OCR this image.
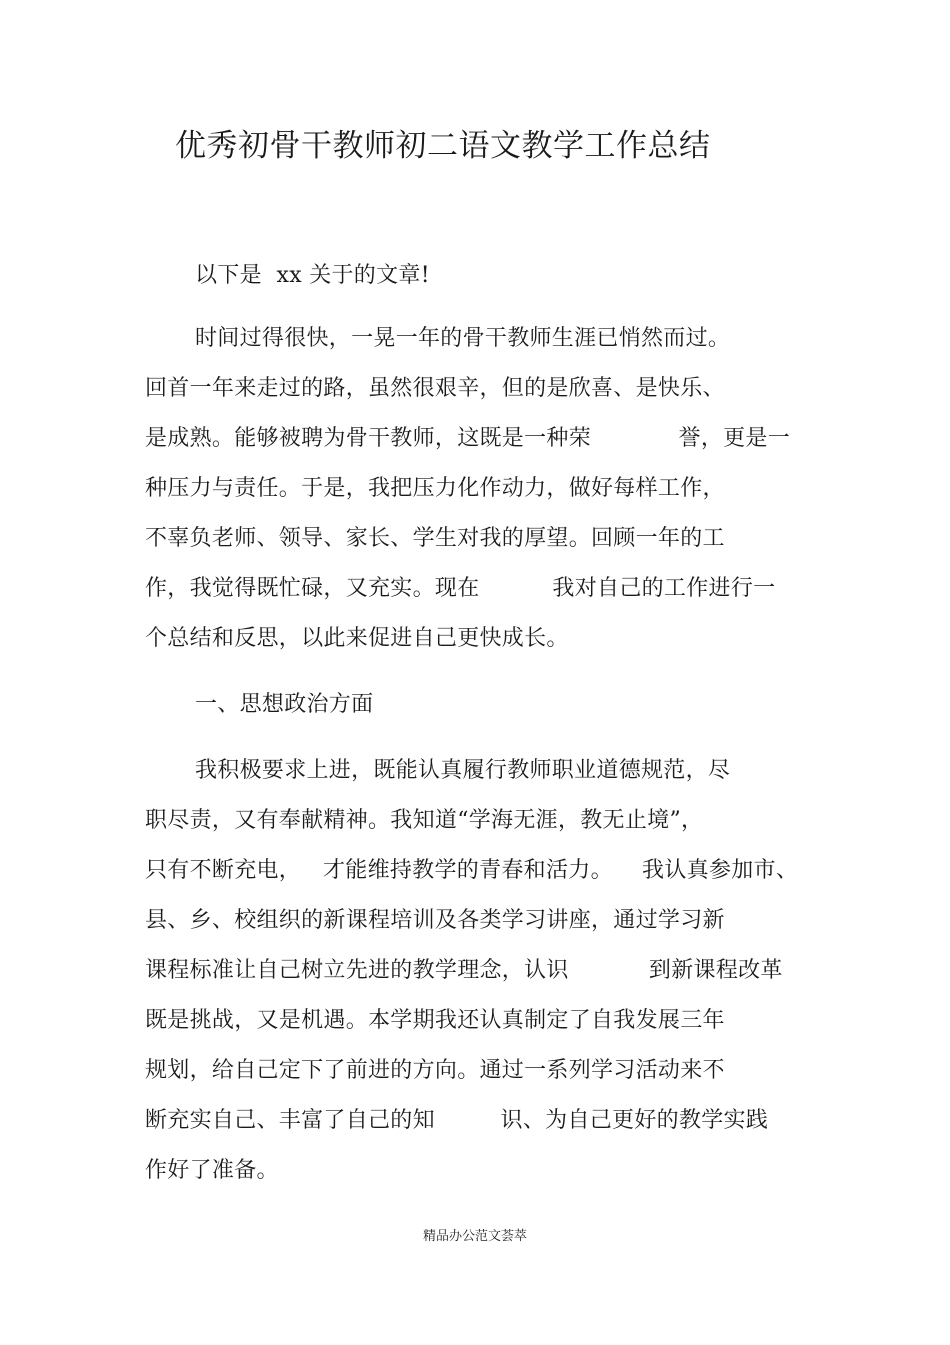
优秀初骨干教师初二语文教学工作总结
以下是  xx 关于的文章!
时间过得很快，一晃一年的骨干教师生涯已悄然而过。
回首一年来走过的路，虽然很艰辛，但的是欣喜、是快乐、
是成熟。能够被聘为骨干教师，这既是一种荣            誉，更是一
种压力与责任。于是，我把压力化作动力，做好每样工作，
不辜负老师、领导、家长、学生对我的厚望。回顾一年的工
作，我觉得既忙碌，又充实。现在          我对自己的工作进行一
个总结和反思，以此来促进自己更快成长。
一、思想政治方面
我积极要求上进，既能认真履行教师职业道德规范，尽
职尽责，又有奉献精神。我知道“学海无涯，教无止境”，
只有不断充电，   才能维持教学的青春和活力。    我认真参加市、
县、乡、校组织的新课程培训及各类学习讲座，通过学习新
课程标准让自己树立先进的教学理念，认识           到新课程改革
既是挑战，又是机遇。本学期我还认真制定了自我发展三年
规划，给自己定下了前进的方向。通过一系列学习活动来不
断充实自己、丰富了自己的知         识、为自己更好的教学实践
作好了准备。
精品办公范文荟萃
